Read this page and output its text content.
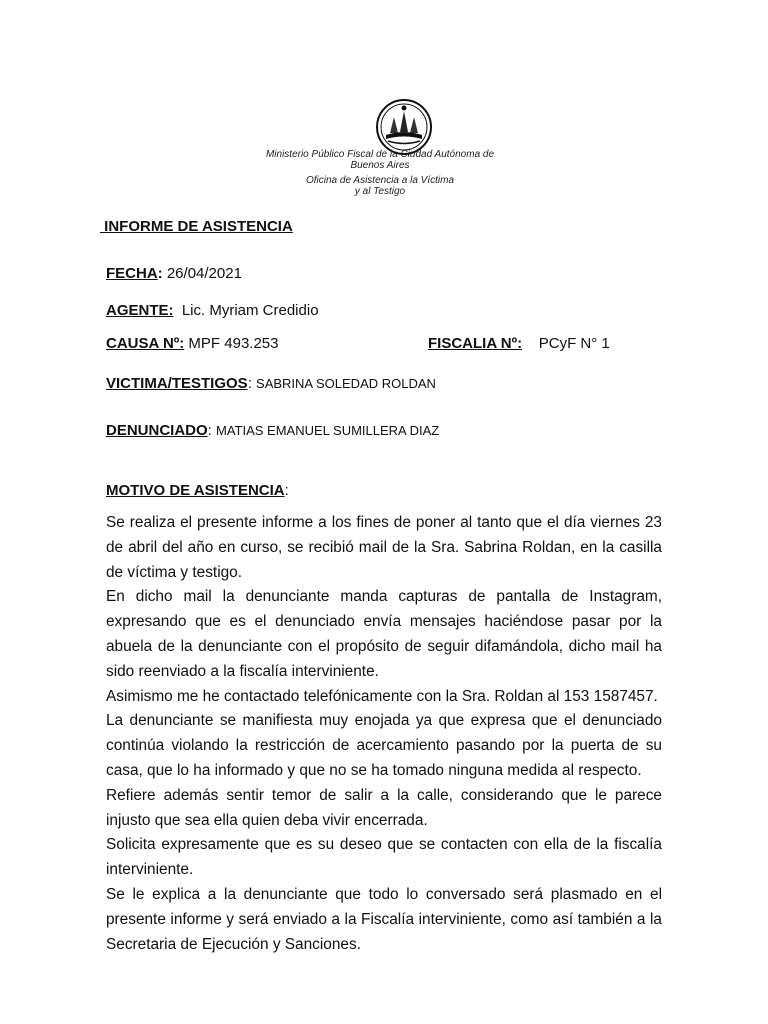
Ministerio Público Fiscal de la Ciudad Autónoma de
Buenos Aires
Oficina de Asistencia a la Víctima
y al Testigo
INFORME DE ASISTENCIA
FECHA: 26/04/2021
AGENTE:  Lic. Myriam Credidio
CAUSA Nº: MPF 493.253	FISCALIA Nº:    PCyF N° 1
VICTIMA/TESTIGOS: SABRINA SOLEDAD ROLDAN
DENUNCIADO: MATIAS EMANUEL SUMILLERA DIAZ
MOTIVO DE ASISTENCIA:

Se realiza el presente informe a los fines de poner al tanto que el día viernes 23 de abril del año en curso, se recibió mail de la Sra. Sabrina Roldan, en la casilla de víctima y testigo.

En dicho mail la denunciante manda capturas de pantalla de Instagram, expresando que es el denunciado envía mensajes haciéndose pasar por la abuela de la denunciante con el propósito de seguir difamándola, dicho mail ha sido reenviado a la fiscalía interviniente.

Asimismo me he contactado telefónicamente con la Sra. Roldan al 153 1587457.

La denunciante se manifiesta muy enojada ya que expresa que el denunciado continúa violando la restricción de acercamiento pasando por la puerta de su casa, que lo ha informado y que no se ha tomado ninguna medida al respecto.

Refiere además sentir temor de salir a la calle, considerando que le parece injusto que sea ella quien deba vivir encerrada.

Solicita expresamente que es su deseo que se contacten con ella de la fiscalía interviniente.

Se le explica a la denunciante que todo lo conversado será plasmado en el presente informe y será enviado a la Fiscalía interviniente, como así también a la Secretaria de Ejecución y Sanciones.
